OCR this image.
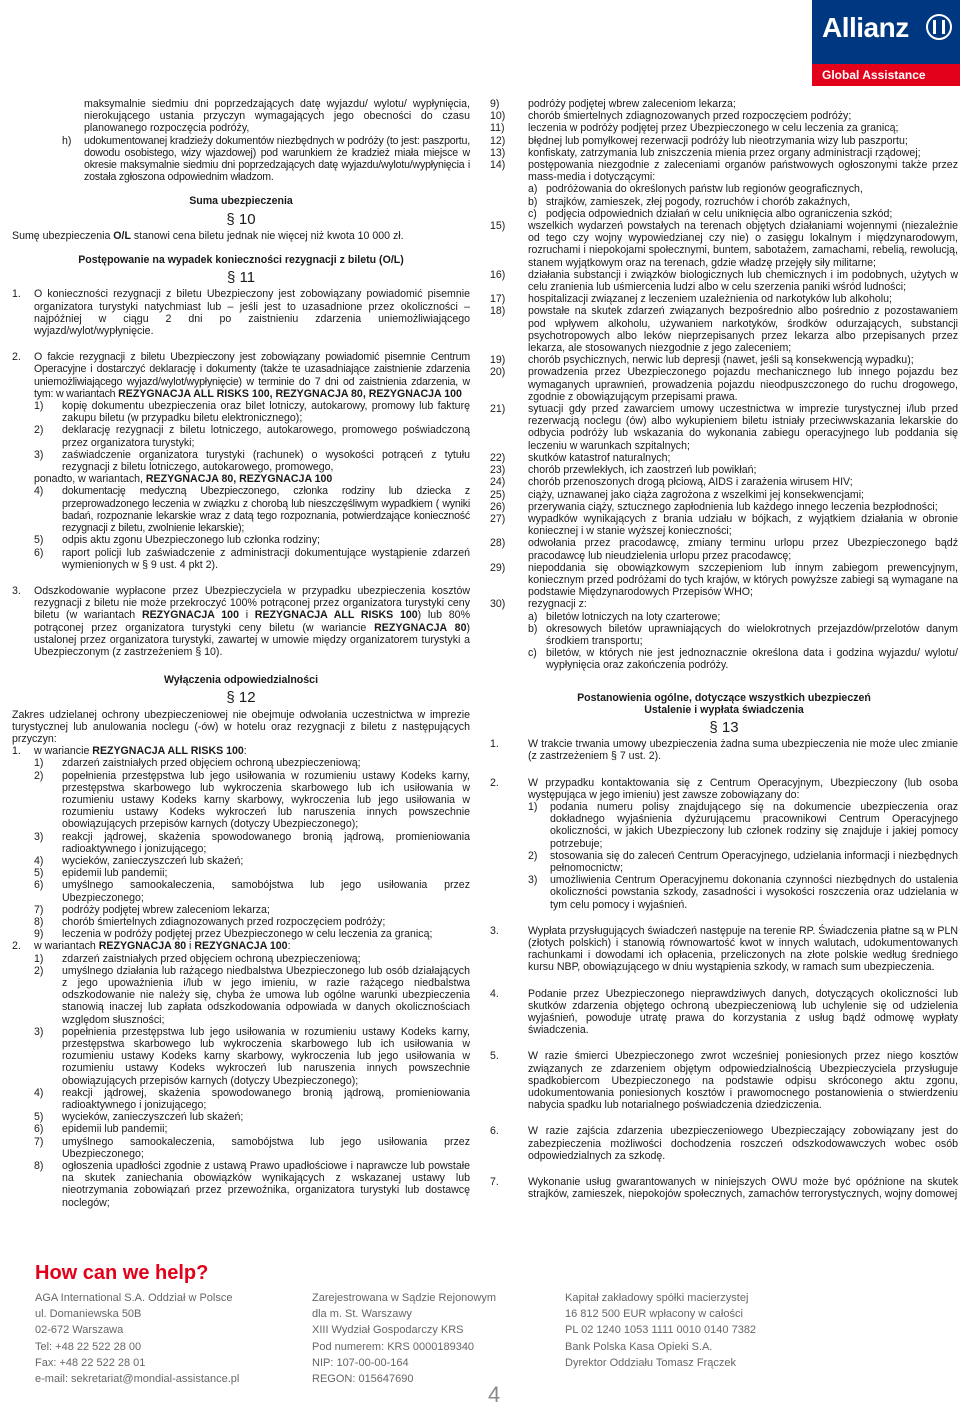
Allianz
Global Assistance
maksymalnie siedmiu dni poprzedzających datę wyjazdu/ wylotu/ wypłynięcia, nierokującego ustania przyczyn wymagających jego obecności do czasu planowanego rozpoczęcia podróży,
h) udokumentowanej kradzieży dokumentów niezbędnych w podróży (to jest: paszportu, dowodu osobistego, wizy wjazdowej) pod warunkiem że kradzież miała miejsce w okresie maksymalnie siedmiu dni poprzedzających datę wyjazdu/wylotu/wypłynięcia i została zgłoszona odpowiednim władzom.
Suma ubezpieczenia
§ 10
Sumę ubezpieczenia O/L stanowi cena biletu jednak nie więcej niż kwota 10 000 zł.
Postępowanie na wypadek konieczności rezygnacji z biletu (O/L)
§ 11
1. O konieczności rezygnacji z biletu Ubezpieczony jest zobowiązany powiadomić pisemnie organizatora turystyki natychmiast lub – jeśli jest to uzasadnione przez okoliczności – najpóźniej w ciągu 2 dni po zaistnieniu zdarzenia uniemożliwiającego wyjazd/wylot/wypłynięcie.
2. O fakcie rezygnacji z biletu Ubezpieczony jest zobowiązany powiadomić pisemnie Centrum Operacyjne i dostarczyć deklarację i dokumenty (także te uzasadniające zaistnienie zdarzenia uniemożliwiającego wyjazd/wylot/wypłynięcie) w terminie do 7 dni od zaistnienia zdarzenia, w tym: w wariantach REZYGNACJA ALL RISKS 100, REZYGNACJA 80, REZYGNACJA 100
1) kopię dokumentu ubezpieczenia oraz bilet lotniczy, autokarowy, promowy lub fakturę zakupu biletu (w przypadku biletu elektronicznego);
2) deklarację rezygnacji z biletu lotniczego, autokarowego, promowego poświadczoną przez organizatora turystyki;
3) zaświadczenie organizatora turystyki (rachunek) o wysokości potrąceń z tytułu rezygnacji z biletu lotniczego, autokarowego, promowego,
ponadto, w wariantach, REZYGNACJA 80, REZYGNACJA 100
4) dokumentację medyczną Ubezpieczonego, członka rodziny lub dziecka z przeprowadzonego leczenia w związku z chorobą lub nieszczęśliwym wypadkiem ( wyniki badań, rozpoznanie lekarskie wraz z datą tego rozpoznania, potwierdzające konieczność rezygnacji z biletu, zwolnienie lekarskie);
5) odpis aktu zgonu Ubezpieczonego lub członka rodziny;
6) raport policji lub zaświadczenie z administracji dokumentujące wystąpienie zdarzeń wymienionych w § 9 ust. 4 pkt 2).
3. Odszkodowanie wypłacone przez Ubezpieczyciela w przypadku ubezpieczenia kosztów rezygnacji z biletu nie może przekroczyć 100% potrąconej przez organizatora turystyki ceny biletu (w wariantach REZYGNACJA 100 i REZYGNACJA ALL RISKS 100) lub 80% potrąconej przez organizatora turystyki ceny biletu (w wariancie REZYGNACJA 80) ustalonej przez organizatora turystyki, zawartej w umowie między organizatorem turystyki a Ubezpieczonym (z zastrzeżeniem § 10).
Wyłączenia odpowiedzialności
§ 12
Zakres udzielanej ochrony ubezpieczeniowej nie obejmuje odwołania uczestnictwa w imprezie turystycznej lub anulowania noclegu (-ów) w hotelu oraz rezygnacji z biletu z następujących przyczyn:
1. w wariancie REZYGNACJA ALL RISKS 100:
1) zdarzeń zaistniałych przed objęciem ochroną ubezpieczeniową;
2) popełnienia przestępstwa lub jego usiłowania w rozumieniu ustawy Kodeks karny, przestępstwa skarbowego lub wykroczenia skarbowego lub ich usiłowania w rozumieniu ustawy Kodeks karny skarbowy, wykroczenia lub jego usiłowania w rozumieniu ustawy Kodeks wykroczeń lub naruszenia innych powszechnie obowiązujących przepisów karnych (dotyczy Ubezpieczonego);
3) reakcji jądrowej, skażenia spowodowanego bronią jądrową, promieniowania radioaktywnego i jonizującego;
4) wycieków, zanieczyszczeń lub skażeń;
5) epidemii lub pandemii;
6) umyślnego samookaleczenia, samobójstwa lub jego usiłowania przez Ubezpieczonego;
7) podróży podjętej wbrew zaleceniom lekarza;
8) chorób śmiertelnych zdiagnozowanych przed rozpoczęciem podróży;
9) leczenia w podróży podjętej przez Ubezpieczonego w celu leczenia za granicą;
2. w wariantach REZYGNACJA 80 i REZYGNACJA 100:
1) zdarzeń zaistniałych przed objęciem ochroną ubezpieczeniową;
2) umyślnego działania lub rażącego niedbalstwa Ubezpieczonego lub osób działających z jego upoważnienia i/lub w jego imieniu, w razie rażącego niedbalstwa odszkodowanie nie należy się, chyba że umowa lub ogólne warunki ubezpieczenia stanowią inaczej lub zapłata odszkodowania odpowiada w danych okolicznościach względom słuszności;
3) popełnienia przestępstwa lub jego usiłowania w rozumieniu ustawy Kodeks karny, przestępstwa skarbowego lub wykroczenia skarbowego lub ich usiłowania w rozumieniu ustawy Kodeks karny skarbowy, wykroczenia lub jego usiłowania w rozumieniu ustawy Kodeks wykroczeń lub naruszenia innych powszechnie obowiązujących przepisów karnych (dotyczy Ubezpieczonego);
4) reakcji jądrowej, skażenia spowodowanego bronią jądrową, promieniowania radioaktywnego i jonizującego;
5) wycieków, zanieczyszczeń lub skażeń;
6) epidemii lub pandemii;
7) umyślnego samookaleczenia, samobójstwa lub jego usiłowania przez Ubezpieczonego;
8) ogłoszenia upadłości zgodnie z ustawą Prawo upadłościowe i naprawcze lub powstałe na skutek zaniechania obowiązków wynikających z wskazanej ustawy lub nieotrzymania zobowiązań przez przewoźnika, organizatora turystyki lub dostawcę noclegów;
9)	podróży podjętej wbrew zaleceniom lekarza;
10) chorób śmiertelnych zdiagnozowanych przed rozpoczęciem podróży;
11) leczenia w podróży podjętej przez Ubezpieczonego w celu leczenia za granicą;
12) błędnej lub pomyłkowej rezerwacji podróży lub nieotrzymania wizy lub paszportu;
13) konfiskaty, zatrzymania lub zniszczenia mienia przez organy administracji rządowej;
14) postępowania niezgodnie z zaleceniami organów państwowych ogłoszonymi także przez mass-media i dotyczącymi:
a) podróżowania do określonych państw lub regionów geograficznych,
b) strajków, zamieszek, złej pogody, rozruchów i chorób zakaźnych,
c) podjęcia odpowiednich działań w celu uniknięcia albo ograniczenia szkód;
15) wszelkich wydarzeń powstałych na terenach objętych działaniami wojennymi (niezależnie od tego czy wojny wypowiedzianej czy nie) o zasięgu lokalnym i międzynarodowym, rozruchami i niepokojami społecznymi, buntem, sabotażem, zamachami, rebelią, rewolucją, stanem wyjątkowym oraz na terenach, gdzie władzę przejęły siły militarne;
16) działania substancji i związków biologicznych lub chemicznych i im podobnych, użytych w celu zranienia lub uśmiercenia ludzi albo w celu szerzenia paniki wśród ludności;
17) hospitalizacji związanej z leczeniem uzależnienia od narkotyków lub alkoholu;
18) powstałe na skutek zdarzeń związanych bezpośrednio albo pośrednio z pozostawaniem pod wpływem alkoholu, używaniem narkotyków, środków odurzających, substancji psychotropowych albo leków nieprzepisanych przez lekarza albo przepisanych przez lekarza, ale stosowanych niezgodnie z jego zaleceniem;
19) chorób psychicznych, nerwic lub depresji (nawet, jeśli są konsekwencją wypadku);
20) prowadzenia przez Ubezpieczonego pojazdu mechanicznego lub innego pojazdu bez wymaganych uprawnień, prowadzenia pojazdu nieodpuszczonego do ruchu drogowego, zgodnie z obowiązującym przepisami prawa.
21) sytuacji gdy przed zawarciem umowy uczestnictwa w imprezie turystycznej i/lub przed rezerwacją noclegu (ów) albo wykupieniem biletu istniały przeciwwskazania lekarskie do odbycia podróży lub wskazania do wykonania zabiegu operacyjnego lub poddania się leczeniu w warunkach szpitalnych;
22) skutków katastrof naturalnych;
23) chorób przewlekłych, ich zaostrzeń lub powikłań;
24) chorób przenoszonych drogą płciową, AIDS i zarażenia wirusem HIV;
25) ciąży, uznawanej jako ciąża zagrożona z wszelkimi jej konsekwencjami;
26) przerywania ciąży, sztucznego zapłodnienia lub każdego innego leczenia bezpłodności;
27) wypadków wynikających z brania udziału w bójkach, z wyjątkiem działania w obronie koniecznej i w stanie wyższej konieczności;
28) odwołania przez pracodawcę, zmiany terminu urlopu przez Ubezpieczonego bądź pracodawcę lub nieudzielenia urlopu przez pracodawcę;
29) niepoddania się obowiązkowym szczepieniom lub innym zabiegom prewencyjnym, koniecznym przed podróżami do tych krajów, w których powyższe zabiegi są wymagane na podstawie Międzynarodowych Przepisów WHO;
30) rezygnacji z:
a) biletów lotniczych na loty czarterowe;
b) okresowych biletów uprawniających do wielokrotnych przejazdów/przelotów danym środkiem transportu;
c) biletów, w których nie jest jednoznacznie określona data i godzina wyjazdu/ wylotu/ wypłynięcia oraz zakończenia podróży.
Postanowienia ogólne, dotyczące wszystkich ubezpieczeń
Ustalenie i wypłata świadczenia
§ 13
1.	W trakcie trwania umowy ubezpieczenia żadna suma ubezpieczenia nie może ulec zmianie (z zastrzeżeniem § 7 ust. 2).
2.	W przypadku kontaktowania się z Centrum Operacyjnym, Ubezpieczony (lub osoba występująca w jego imieniu) jest zawsze zobowiązany do:
1) podania numeru polisy znajdującego się na dokumencie ubezpieczenia oraz dokładnego wyjaśnienia dyżurującemu pracownikowi Centrum Operacyjnego okoliczności, w jakich Ubezpieczony lub członek rodziny się znajduje i jakiej pomocy potrzebuje;
2) stosowania się do zaleceń Centrum Operacyjnego, udzielania informacji i niezbędnych pełnomocnictw;
3) umożliwienia Centrum Operacyjnemu dokonania czynności niezbędnych do ustalenia okoliczności powstania szkody, zasadności i wysokości roszczenia oraz udzielania w tym celu pomocy i wyjaśnień.
3.	Wypłata przysługujących świadczeń następuje na terenie RP. Świadczenia płatne są w PLN (złotych polskich) i stanowią równowartość kwot w innych walutach, udokumentowanych rachunkami i dowodami ich opłacenia, przeliczonych na złote polskie według średniego kursu NBP, obowiązującego w dniu wystąpienia szkody, w ramach sum ubezpieczenia.
4.	Podanie przez Ubezpieczonego nieprawdziwych danych, dotyczących okoliczności lub skutków zdarzenia objętego ochroną ubezpieczeniową lub uchylenie się od udzielenia wyjaśnień, powoduje utratę prawa do korzystania z usług bądź odmowę wypłaty świadczenia.
5.	W razie śmierci Ubezpieczonego zwrot wcześniej poniesionych przez niego kosztów związanych ze zdarzeniem objętym odpowiedzialnością Ubezpieczyciela przysługuje spadkobiercom Ubezpieczonego na podstawie odpisu skróconego aktu zgonu, udokumentowania poniesionych kosztów i prawomocnego postanowienia o stwierdzeniu nabycia spadku lub notarialnego poświadczenia dziedziczenia.
6.	W razie zajścia zdarzenia ubezpieczeniowego Ubezpieczający zobowiązany jest do zabezpieczenia możliwości dochodzenia roszczeń odszkodowawczych wobec osób odpowiedzialnych za szkodę.
7.	Wykonanie usług gwarantowanych w niniejszych OWU może być opóźnione na skutek strajków, zamieszek, niepokojów społecznych, zamachów terrorystycznych, wojny domowej
How can we help?
AGA International S.A. Oddział w Polsce
ul. Domaniewska 50B
02-672 Warszawa
Tel: +48 22 522 28 00
Fax: +48 22 522 28 01
e-mail: sekretariat@mondial-assistance.pl
Zarejestrowana w Sądzie Rejonowym
dla m. St. Warszawy
XIII Wydział Gospodarczy KRS
Pod numerem: KRS 0000189340
NIP: 107-00-00-164
REGON: 015647690
Kapitał zakładowy spółki macierzystej
16 812 500 EUR wpłacony w całości
PL 02 1240 1053 1111 0010 0140 7382
Bank Polska Kasa Opieki S.A.
Dyrektor Oddziału Tomasz Frączek
4
